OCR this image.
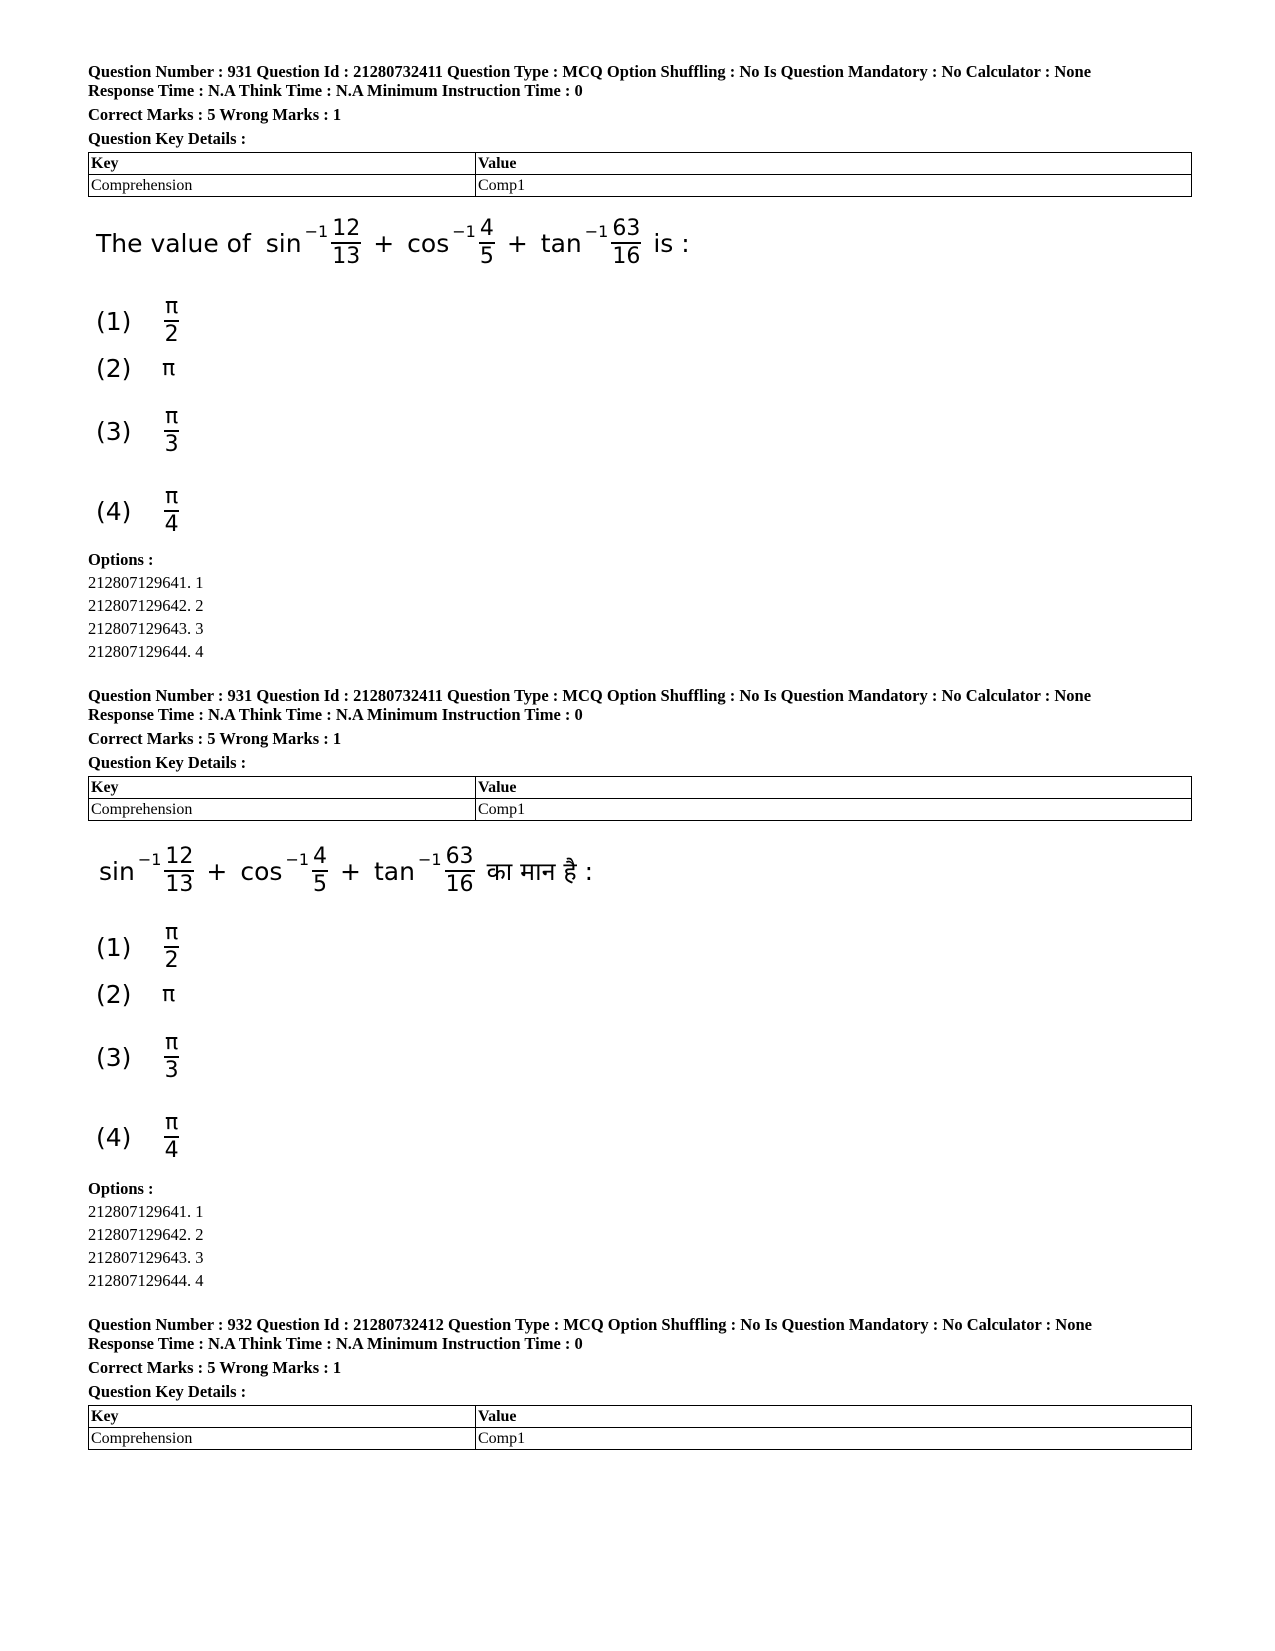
Question Number : 931 Question Id : 21280732411 Question Type : MCQ Option Shuffling : No Is Question Mandatory : No Calculator : None
Response Time : N.A Think Time : N.A Minimum Instruction Time : 0
Correct Marks : 5 Wrong Marks : 1
Question Key Details :
Key	Value
Comprehension	Comp1
The value of $\sin -1 \frac{12}{13} + \cos -1 \frac{4}{5} + \tan -1 \frac{63}{16}$ is :
(1)	$\frac{\pi}{2}$
(2)	π
(3)	$\frac{\pi}{3}$
(4)	$\frac{\pi}{4}$
Options :
212807129641. 1
212807129642. 2
212807129643. 3
212807129644. 4
Question Number : 931 Question Id : 21280732411 Question Type : MCQ Option Shuffling : No Is Question Mandatory : No Calculator : None
Response Time : N.A Think Time : N.A Minimum Instruction Time : 0
Correct Marks : 5 Wrong Marks : 1
Question Key Details :
Key	Value
Comprehension	Comp1
$\sin -1 \frac{12}{13} + \cos -1 \frac{4}{5} + \tan -1 \frac{63}{16}$ का मान है :
(1)	$\frac{\pi}{2}$
(2)	π
(3)	$\frac{\pi}{3}$
(4)	$\frac{\pi}{4}$
Options :
212807129641. 1
212807129642. 2
212807129643. 3
212807129644. 4
Question Number : 932 Question Id : 21280732412 Question Type : MCQ Option Shuffling : No Is Question Mandatory : No Calculator : None
Response Time : N.A Think Time : N.A Minimum Instruction Time : 0
Correct Marks : 5 Wrong Marks : 1
Question Key Details :
Key	Value
Comprehension	Comp1
